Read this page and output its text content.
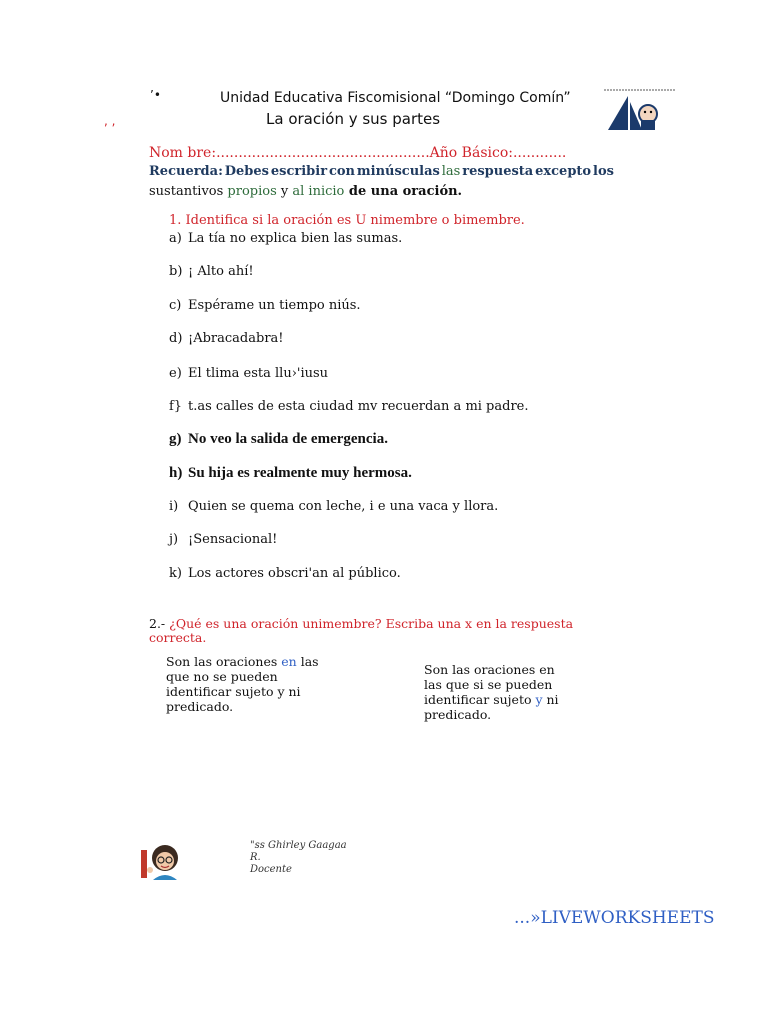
’•
, ,
Unidad Educativa Fiscomisional “Domingo Comín”
La oración y sus partes
Nom bre:................................................Año Básico:............
Recuerda: Debes escribir con minúsculas las respuesta excepto los
sustantivos propios y al inicio de una oración.
1. Identifica si la oración es U nimembre o bimembre.
a) La tía no explica bien las sumas.
b) ¡ Alto ahí!
c) Espérame un tiempo niús.
d) ¡Abracadabra!
e) El tlima esta llu›'iusu
f} t.as calles de esta ciudad mv recuerdan a mi padre.
g) No veo la salida de emergencia.
h) Su hija es realmente muy hermosa.
i) Quien se quema con leche, i e una vaca y llora.
j) ¡Sensacional!
k) Los actores obscri'an al público.
2.- ¿Qué es una oración unimembre? Escriba una x en la respuesta correcta.
Son las oraciones en las que no se pueden identificar sujeto y ni predicado.
Son las oraciones en las que si se pueden identificar sujeto y ni predicado.
"ss Ghirley Gaagaa R.
Docente
...»LIVEWORKSHEETS
